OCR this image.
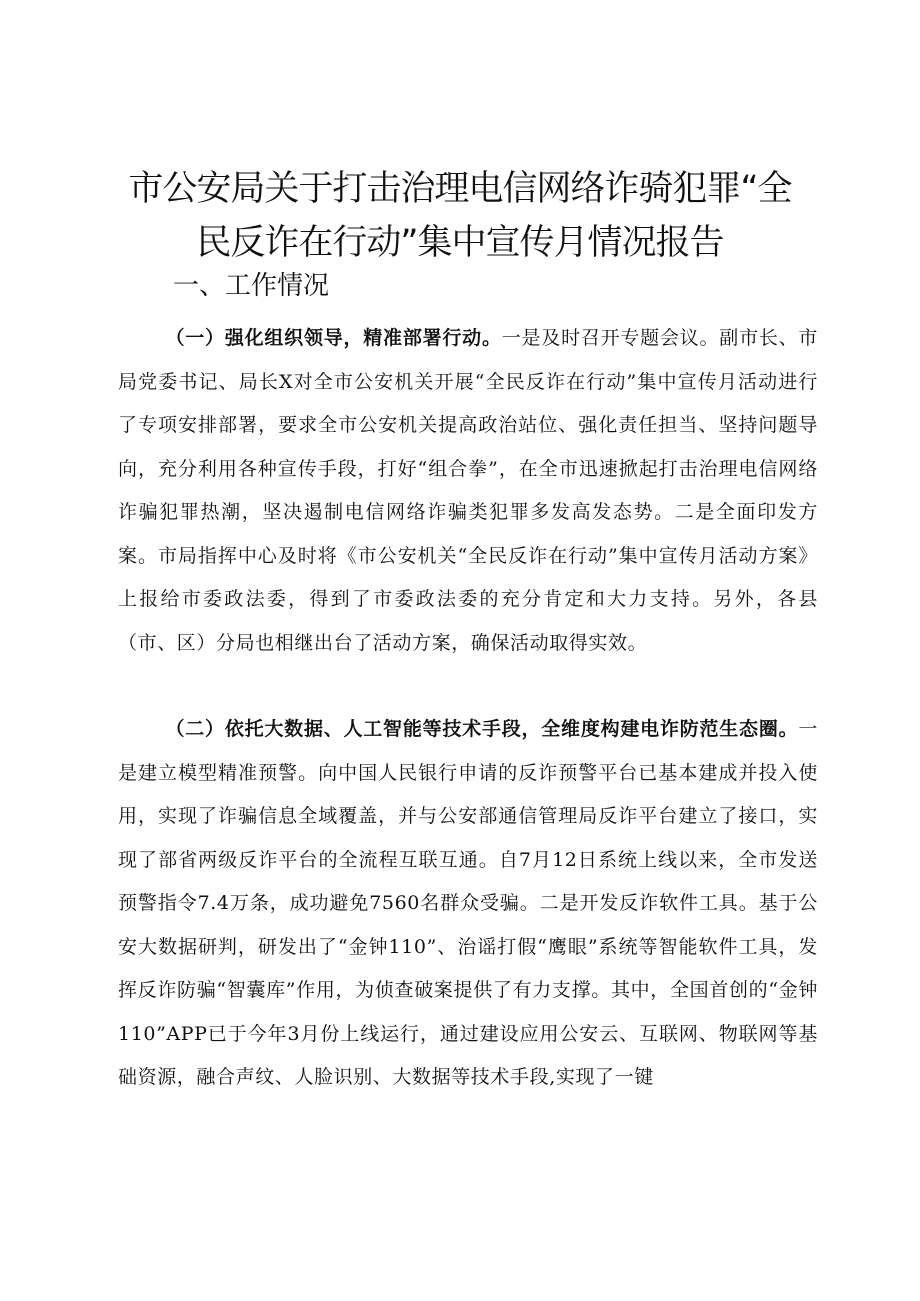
市公安局关于打击治理电信网络诈骑犯罪“全
民反诈在行动”集中宣传月情况报告
一、工作情况

（一）强化组织领导，精准部署行动。一是及时召开专题会议。副市长、市局党委书记、局长X对全市公安机关开展“全民反诈在行动”集中宣传月活动进行了专项安排部署，要求全市公安机关提高政治站位、强化责任担当、坚持问题导向，充分利用各种宣传手段，打好“组合拳”，在全市迅速掀起打击治理电信网络诈骗犯罪热潮，坚决遏制电信网络诈骗类犯罪多发高发态势。二是全面印发方案。市局指挥中心及时将《市公安机关“全民反诈在行动”集中宣传月活动方案》上报给市委政法委，得到了市委政法委的充分肯定和大力支持。另外，各县（市、区）分局也相继出台了活动方案，确保活动取得实效。

（二）依托大数据、人工智能等技术手段，全维度构建电诈防范生态圈。一是建立模型精准预警。向中国人民银行申请的反诈预警平台已基本建成并投入使用，实现了诈骗信息全域覆盖，并与公安部通信管理局反诈平台建立了接口，实现了部省两级反诈平台的全流程互联互通。自7月12日系统上线以来，全市发送预警指令7.4万条，成功避免7560名群众受骗。二是开发反诈软件工具。基于公安大数据研判，研发出了“金钟110”、治谣打假“鹰眼”系统等智能软件工具，发挥反诈防骗“智囊库”作用，为侦查破案提供了有力支撑。其中，全国首创的“金钟110”APP已于今年3月份上线运行，通过建设应用公安云、互联网、物联网等基础资源，融合声纹、人脸识别、大数据等技术手段,实现了一键
